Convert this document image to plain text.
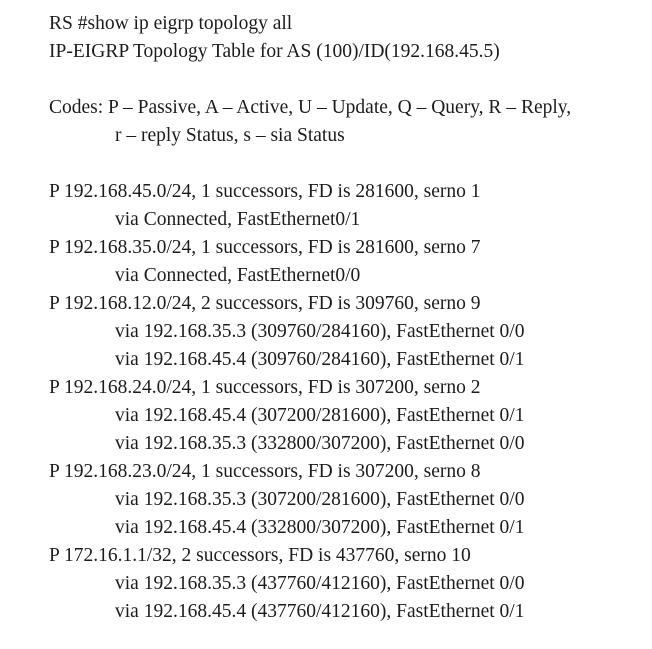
RS #show ip eigrp topology all
IP-EIGRP Topology Table for AS (100)/ID(192.168.45.5)
Codes: P – Passive, A – Active, U – Update, Q – Query, R – Reply,
r – reply Status, s – sia Status
P 192.168.45.0/24, 1 successors, FD is 281600, serno 1
via Connected, FastEthernet0/1
P 192.168.35.0/24, 1 successors, FD is 281600, serno 7
via Connected, FastEthernet0/0
P 192.168.12.0/24, 2 successors, FD is 309760, serno 9
via 192.168.35.3 (309760/284160), FastEthernet 0/0
via 192.168.45.4 (309760/284160), FastEthernet 0/1
P 192.168.24.0/24, 1 successors, FD is 307200, serno 2
via 192.168.45.4 (307200/281600), FastEthernet 0/1
via 192.168.35.3 (332800/307200), FastEthernet 0/0
P 192.168.23.0/24, 1 successors, FD is 307200, serno 8
via 192.168.35.3 (307200/281600), FastEthernet 0/0
via 192.168.45.4 (332800/307200), FastEthernet 0/1
P 172.16.1.1/32, 2 successors, FD is 437760, serno 10
via 192.168.35.3 (437760/412160), FastEthernet 0/0
via 192.168.45.4 (437760/412160), FastEthernet 0/1
